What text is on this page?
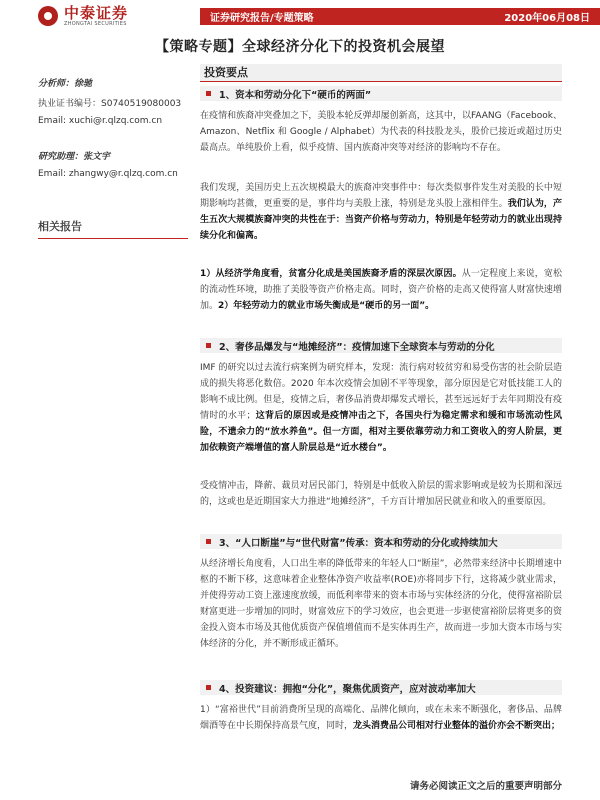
中泰证券
ZHONGTAI SECURITIES	证券研究报告/专题策略	2020年06月08日
【策略专题】全球经济分化下的投资机会展望
分析师：徐驰
执业证书编号：S0740519080003
Email: xuchi@r.qlzq.com.cn
研究助理：张文宇
Email: zhangwy@r.qlzq.com.cn
相关报告
投资要点
1、资本和劳动分化下“硬币的两面”
在疫情和族裔冲突叠加之下，美股本轮反弹却屡创新高，这其中，以FAANG（Facebook、Amazon、Netflix 和 Google / Alphabet）为代表的科技股龙头，股价已接近或超过历史最高点。单纯股价上看，似乎疫情、国内族裔冲突等对经济的影响均不存在。
我们发现，美国历史上五次规模最大的族裔冲突事件中：每次类似事件发生对美股的长中短期影响均甚微，更重要的是，事件均与美股上涨，特别是龙头股上涨相伴生。我们认为，产生五次大规模族裔冲突的共性在于：当资产价格与劳动力，特别是年轻劳动力的就业出现持续分化和偏离。
1）从经济学角度看，贫富分化成是美国族裔矛盾的深层次原因。从一定程度上来说，宽松的流动性环境，助推了美股等资产价格走高。同时，资产价格的走高又使得富人财富快速增加。2）年轻劳动力的就业市场失衡成是“硬币的另一面”。
2、奢侈品爆发与“地摊经济”：疫情加速下全球资本与劳动的分化
IMF 的研究以过去流行病案例为研究样本，发现：流行病对较贫穷和易受伤害的社会阶层造成的损失将恶化数倍。2020 年本次疫情会加剧不平等现象，部分原因是它对低技能工人的影响不成比例。但是，疫情之后，奢侈品消费却爆发式增长，甚至远远好于去年同期没有疫情时的水平；这背后的原因或是疫情冲击之下，各国央行为稳定需求和缓和市场流动性风险，不遗余力的“放水养鱼”。但一方面，相对主要依靠劳动力和工资收入的穷人阶层，更加依赖资产端增值的富人阶层总是“近水楼台”。
受疫情冲击，降薪、裁员对居民部门，特别是中低收入阶层的需求影响或是较为长期和深远的，这或也是近期国家大力推进“地摊经济”，千方百计增加居民就业和收入的重要原因。
3、“人口断崖”与“世代财富”传承：资本和劳动的分化或持续加大
从经济增长角度看，人口出生率的降低带来的年轻人口“断崖”，必然带来经济中长期增速中枢的不断下移，这意味着企业整体净资产收益率(ROE)亦将同步下行，这将减少就业需求，并使得劳动工资上涨速度放缓，而低利率带来的资本市场与实体经济的分化，使得富裕阶层财富更进一步增加的同时，财富效应下的学习效应，也会更进一步驱使富裕阶层将更多的资金投入资本市场及其他优质资产保值增值而不是实体再生产，故而进一步加大资本市场与实体经济的分化，并不断形成正循环。
4、投资建议：拥抱“分化”，聚焦优质资产，应对波动率加大
1）“富裕世代”目前消费所呈现的高端化、品牌化倾向，或在未来不断强化，奢侈品、品牌烟酒等在中长期保持高景气度，同时，龙头消费品公司相对行业整体的溢价亦会不断突出；
请务必阅读正文之后的重要声明部分
